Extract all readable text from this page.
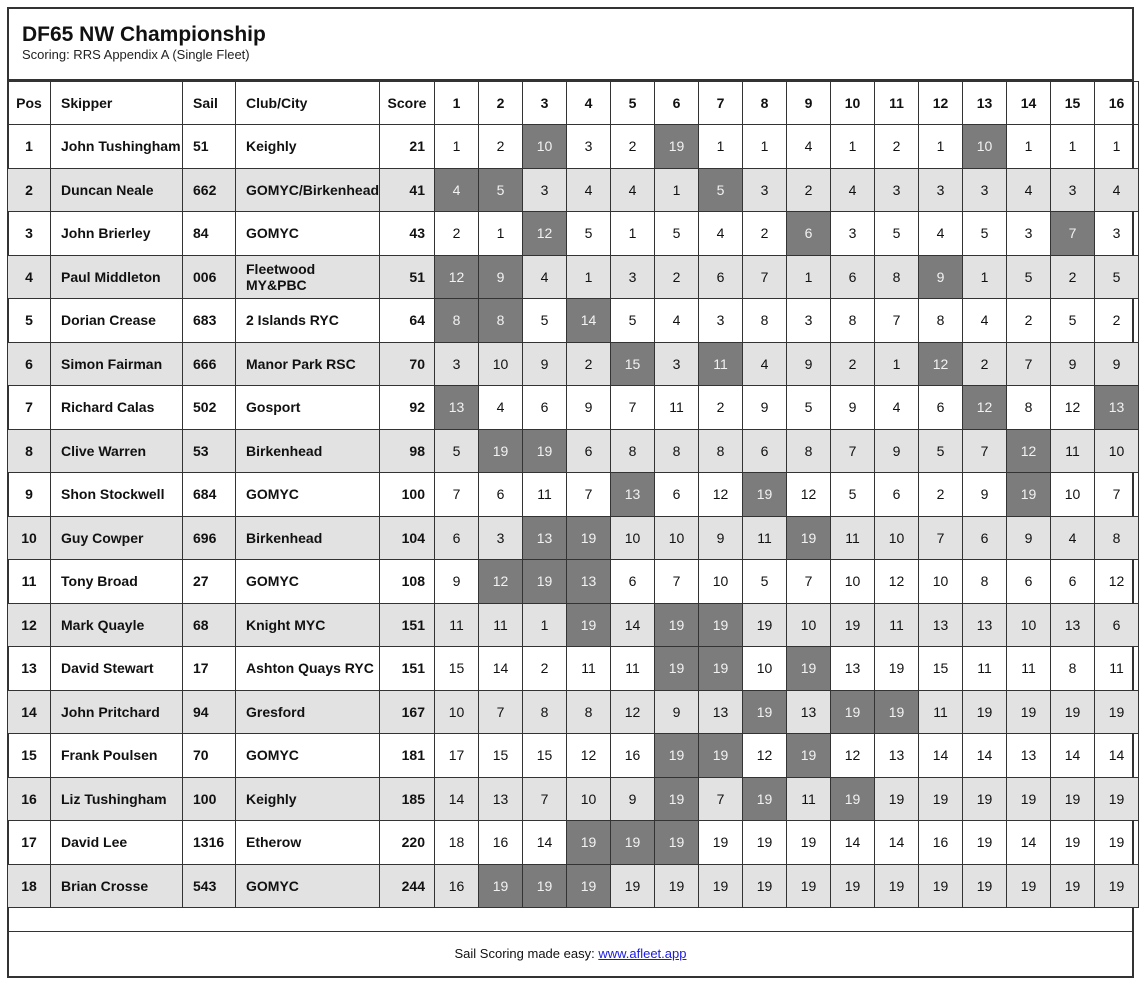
DF65 NW Championship
Scoring: RRS Appendix A (Single Fleet)
Pos	Skipper	Sail	Club/City	Score	1	2	3	4	5	6	7	8	9	10	11	12	13	14	15	16
1	John Tushingham	51	Keighly	21	1	2	10	3	2	19	1	1	4	1	2	1	10	1	1	1
2	Duncan Neale	662	GOMYC/Birkenhead	41	4	5	3	4	4	1	5	3	2	4	3	3	3	4	3	4
3	John Brierley	84	GOMYC	43	2	1	12	5	1	5	4	2	6	3	5	4	5	3	7	3
4	Paul Middleton	006	Fleetwood MY&PBC	51	12	9	4	1	3	2	6	7	1	6	8	9	1	5	2	5
5	Dorian Crease	683	2 Islands RYC	64	8	8	5	14	5	4	3	8	3	8	7	8	4	2	5	2
6	Simon Fairman	666	Manor Park RSC	70	3	10	9	2	15	3	11	4	9	2	1	12	2	7	9	9
7	Richard Calas	502	Gosport	92	13	4	6	9	7	11	2	9	5	9	4	6	12	8	12	13
8	Clive Warren	53	Birkenhead	98	5	19	19	6	8	8	8	6	8	7	9	5	7	12	11	10
9	Shon Stockwell	684	GOMYC	100	7	6	11	7	13	6	12	19	12	5	6	2	9	19	10	7
10	Guy Cowper	696	Birkenhead	104	6	3	13	19	10	10	9	11	19	11	10	7	6	9	4	8
11	Tony Broad	27	GOMYC	108	9	12	19	13	6	7	10	5	7	10	12	10	8	6	6	12
12	Mark Quayle	68	Knight MYC	151	11	11	1	19	14	19	19	19	10	19	11	13	13	10	13	6
13	David Stewart	17	Ashton Quays RYC	151	15	14	2	11	11	19	19	10	19	13	19	15	11	11	8	11
14	John Pritchard	94	Gresford	167	10	7	8	8	12	9	13	19	13	19	19	11	19	19	19	19
15	Frank Poulsen	70	GOMYC	181	17	15	15	12	16	19	19	12	19	12	13	14	14	13	14	14
16	Liz Tushingham	100	Keighly	185	14	13	7	10	9	19	7	19	11	19	19	19	19	19	19	19
17	David Lee	1316	Etherow	220	18	16	14	19	19	19	19	19	19	14	14	16	19	14	19	19
18	Brian Crosse	543	GOMYC	244	16	19	19	19	19	19	19	19	19	19	19	19	19	19	19	19
Sail Scoring made easy: www.afleet.app
